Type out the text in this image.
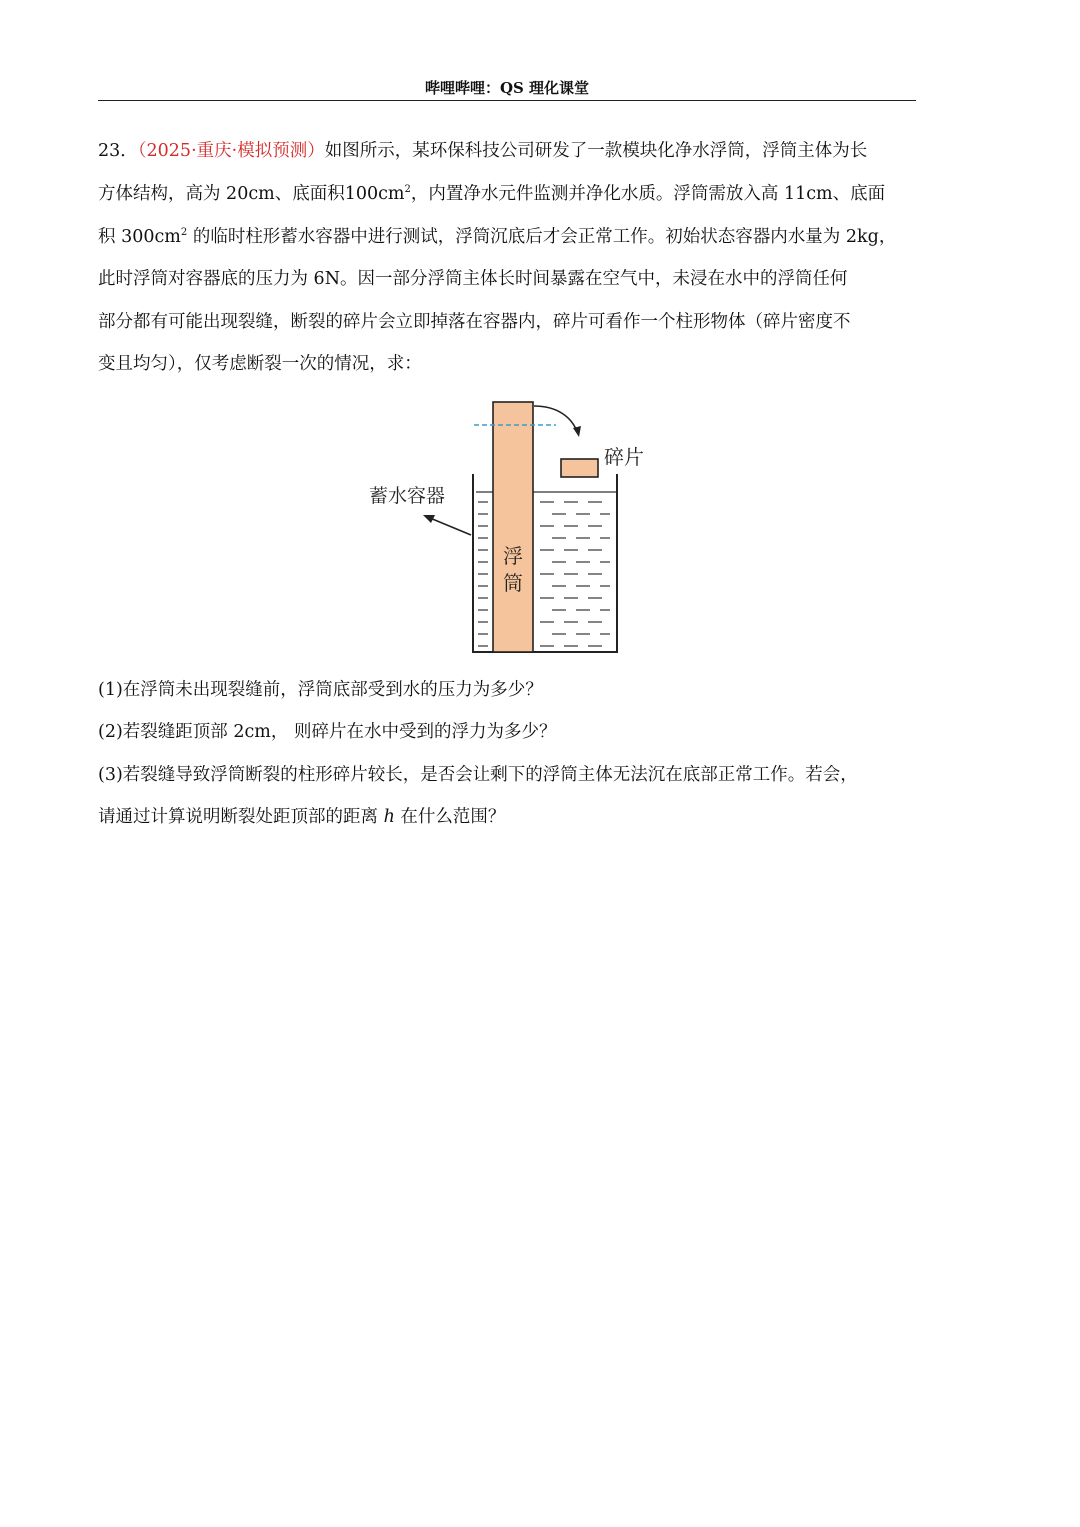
哔哩哔哩：QS 理化课堂
23．（2025·重庆·模拟预测）如图所示，某环保科技公司研发了一款模块化净水浮筒，浮筒主体为长
方体结构，高为 20cm、底面积$100cm^2$，内置净水元件监测并净化水质。浮筒需放入高 11cm、底面
积 $300cm^2$ 的临时柱形蓄水容器中进行测试，浮筒沉底后才会正常工作。初始状态容器内水量为 2kg，
此时浮筒对容器底的压力为 6N。因一部分浮筒主体长时间暴露在空气中，未浸在水中的浮筒任何
部分都有可能出现裂缝，断裂的碎片会立即掉落在容器内，碎片可看作一个柱形物体（碎片密度不
变且均匀），仅考虑断裂一次的情况，求：
碎片
蓄水容器
浮
筒
(1)在浮筒未出现裂缝前，浮筒底部受到水的压力为多少？
(2)若裂缝距顶部 2cm， 则碎片在水中受到的浮力为多少？
(3)若裂缝导致浮筒断裂的柱形碎片较长，是否会让剩下的浮筒主体无法沉在底部正常工作。若会，
请通过计算说明断裂处距顶部的距离 h 在什么范围？
